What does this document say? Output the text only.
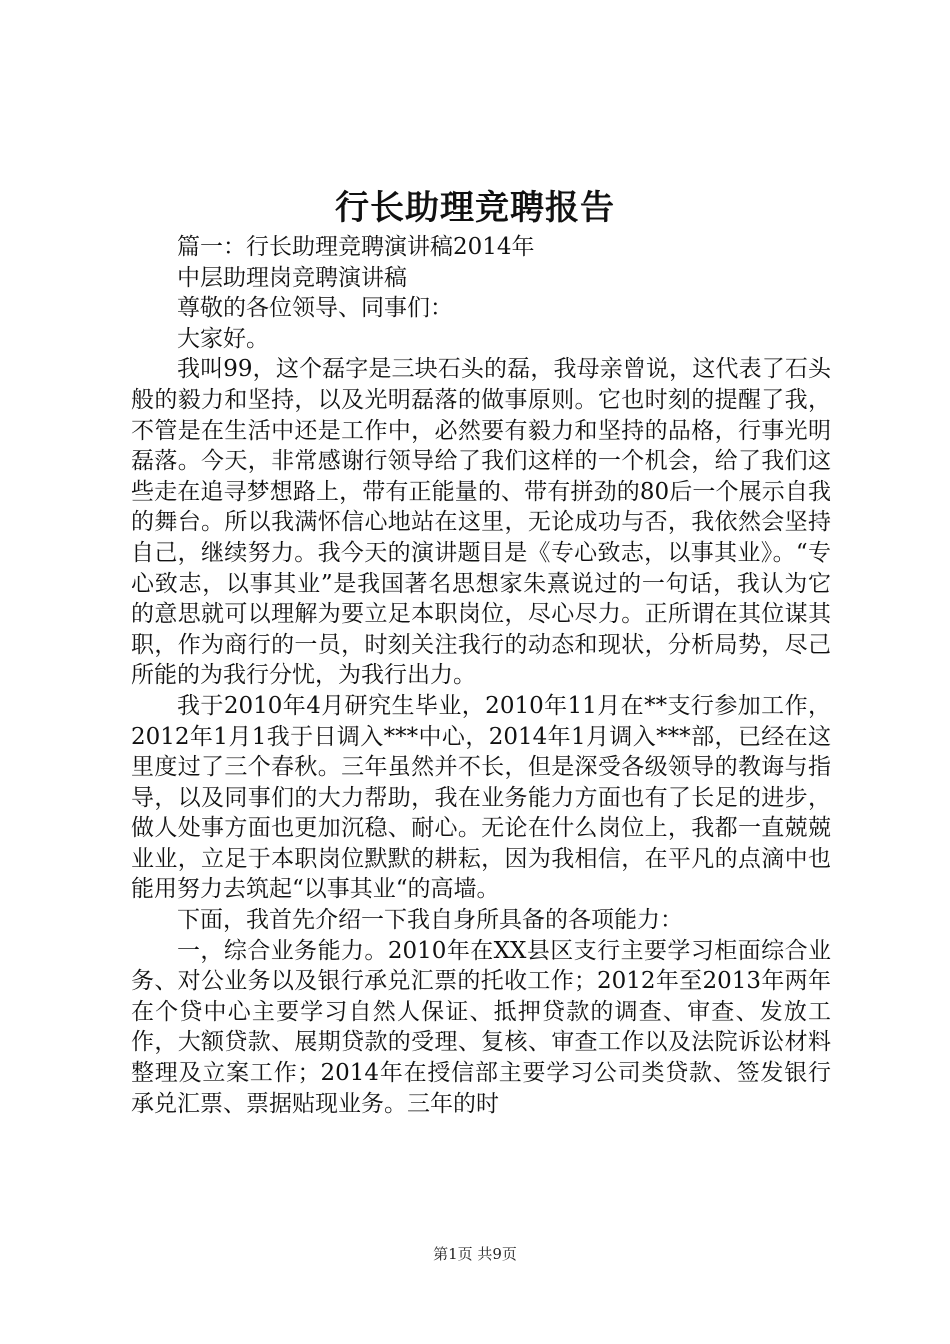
行长助理竞聘报告

篇一：行长助理竞聘演讲稿2014年

中层助理岗竞聘演讲稿

尊敬的各位领导、同事们：

大家好。

我叫99，这个磊字是三块石头的磊，我母亲曾说，这代表了石头般的毅力和坚持，以及光明磊落的做事原则。它也时刻的提醒了我，不管是在生活中还是工作中，必然要有毅力和坚持的品格，行事光明磊落。今天，非常感谢行领导给了我们这样的一个机会，给了我们这些走在追寻梦想路上，带有正能量的、带有拼劲的80后一个展示自我的舞台。所以我满怀信心地站在这里，无论成功与否，我依然会坚持自己，继续努力。我今天的演讲题目是《专心致志，以事其业》。“专心致志，以事其业”是我国著名思想家朱熹说过的一句话，我认为它的意思就可以理解为要立足本职岗位，尽心尽力。正所谓在其位谋其职，作为商行的一员，时刻关注我行的动态和现状，分析局势，尽己所能的为我行分忧，为我行出力。

我于2010年4月研究生毕业，2010年11月在**支行参加工作，2012年1月1我于日调入***中心，2014年1月调入***部，已经在这里度过了三个春秋。三年虽然并不长，但是深受各级领导的教诲与指导，以及同事们的大力帮助，我在业务能力方面也有了长足的进步，做人处事方面也更加沉稳、耐心。无论在什么岗位上，我都一直兢兢业业，立足于本职岗位默默的耕耘，因为我相信，在平凡的点滴中也能用努力去筑起“以事其业“的高墙。

下面，我首先介绍一下我自身所具备的各项能力：

一，综合业务能力。2010年在XX县区支行主要学习柜面综合业务、对公业务以及银行承兑汇票的托收工作；2012年至2013年两年在个贷中心主要学习自然人保证、抵押贷款的调查、审查、发放工作，大额贷款、展期贷款的受理、复核、审查工作以及法院诉讼材料整理及立案工作；2014年在授信部主要学习公司类贷款、签发银行承兑汇票、票据贴现业务。三年的时

第1页 共9页
